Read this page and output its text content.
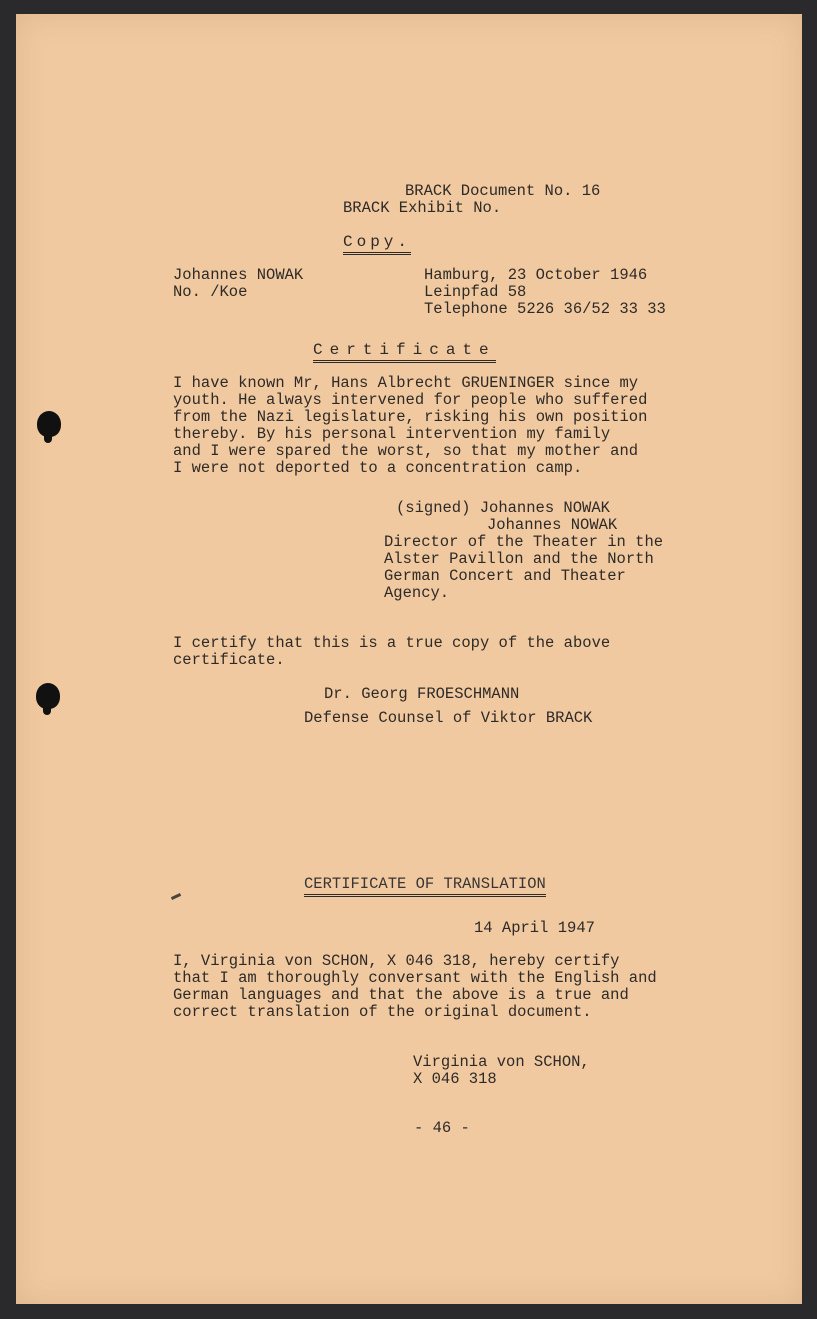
BRACK Document No. 16
BRACK Exhibit No.
Copy.
Johannes NOWAK
No. /Koe
Hamburg, 23 October 1946
Leinpfad 58
Telephone 5226 36/52 33 33
Certificate
I have known Mr, Hans Albrecht GRUENINGER since my
youth. He always intervened for people who suffered
from the Nazi legislature, risking his own position
thereby. By his personal intervention my family
and I were spared the worst, so that my mother and
I were not deported to a concentration camp.
(signed) Johannes NOWAK
Johannes NOWAK
Director of the Theater in the
Alster Pavillon and the North
German Concert and Theater
Agency.
I certify that this is a true copy of the above
certificate.
Dr. Georg FROESCHMANN
Defense Counsel of Viktor BRACK
CERTIFICATE OF TRANSLATION
14 April 1947
I, Virginia von SCHON, X 046 318, hereby certify
that I am thoroughly conversant with the English and
German languages and that the above is a true and
correct translation of the original document.
Virginia von SCHON,
X 046 318
- 46 -
